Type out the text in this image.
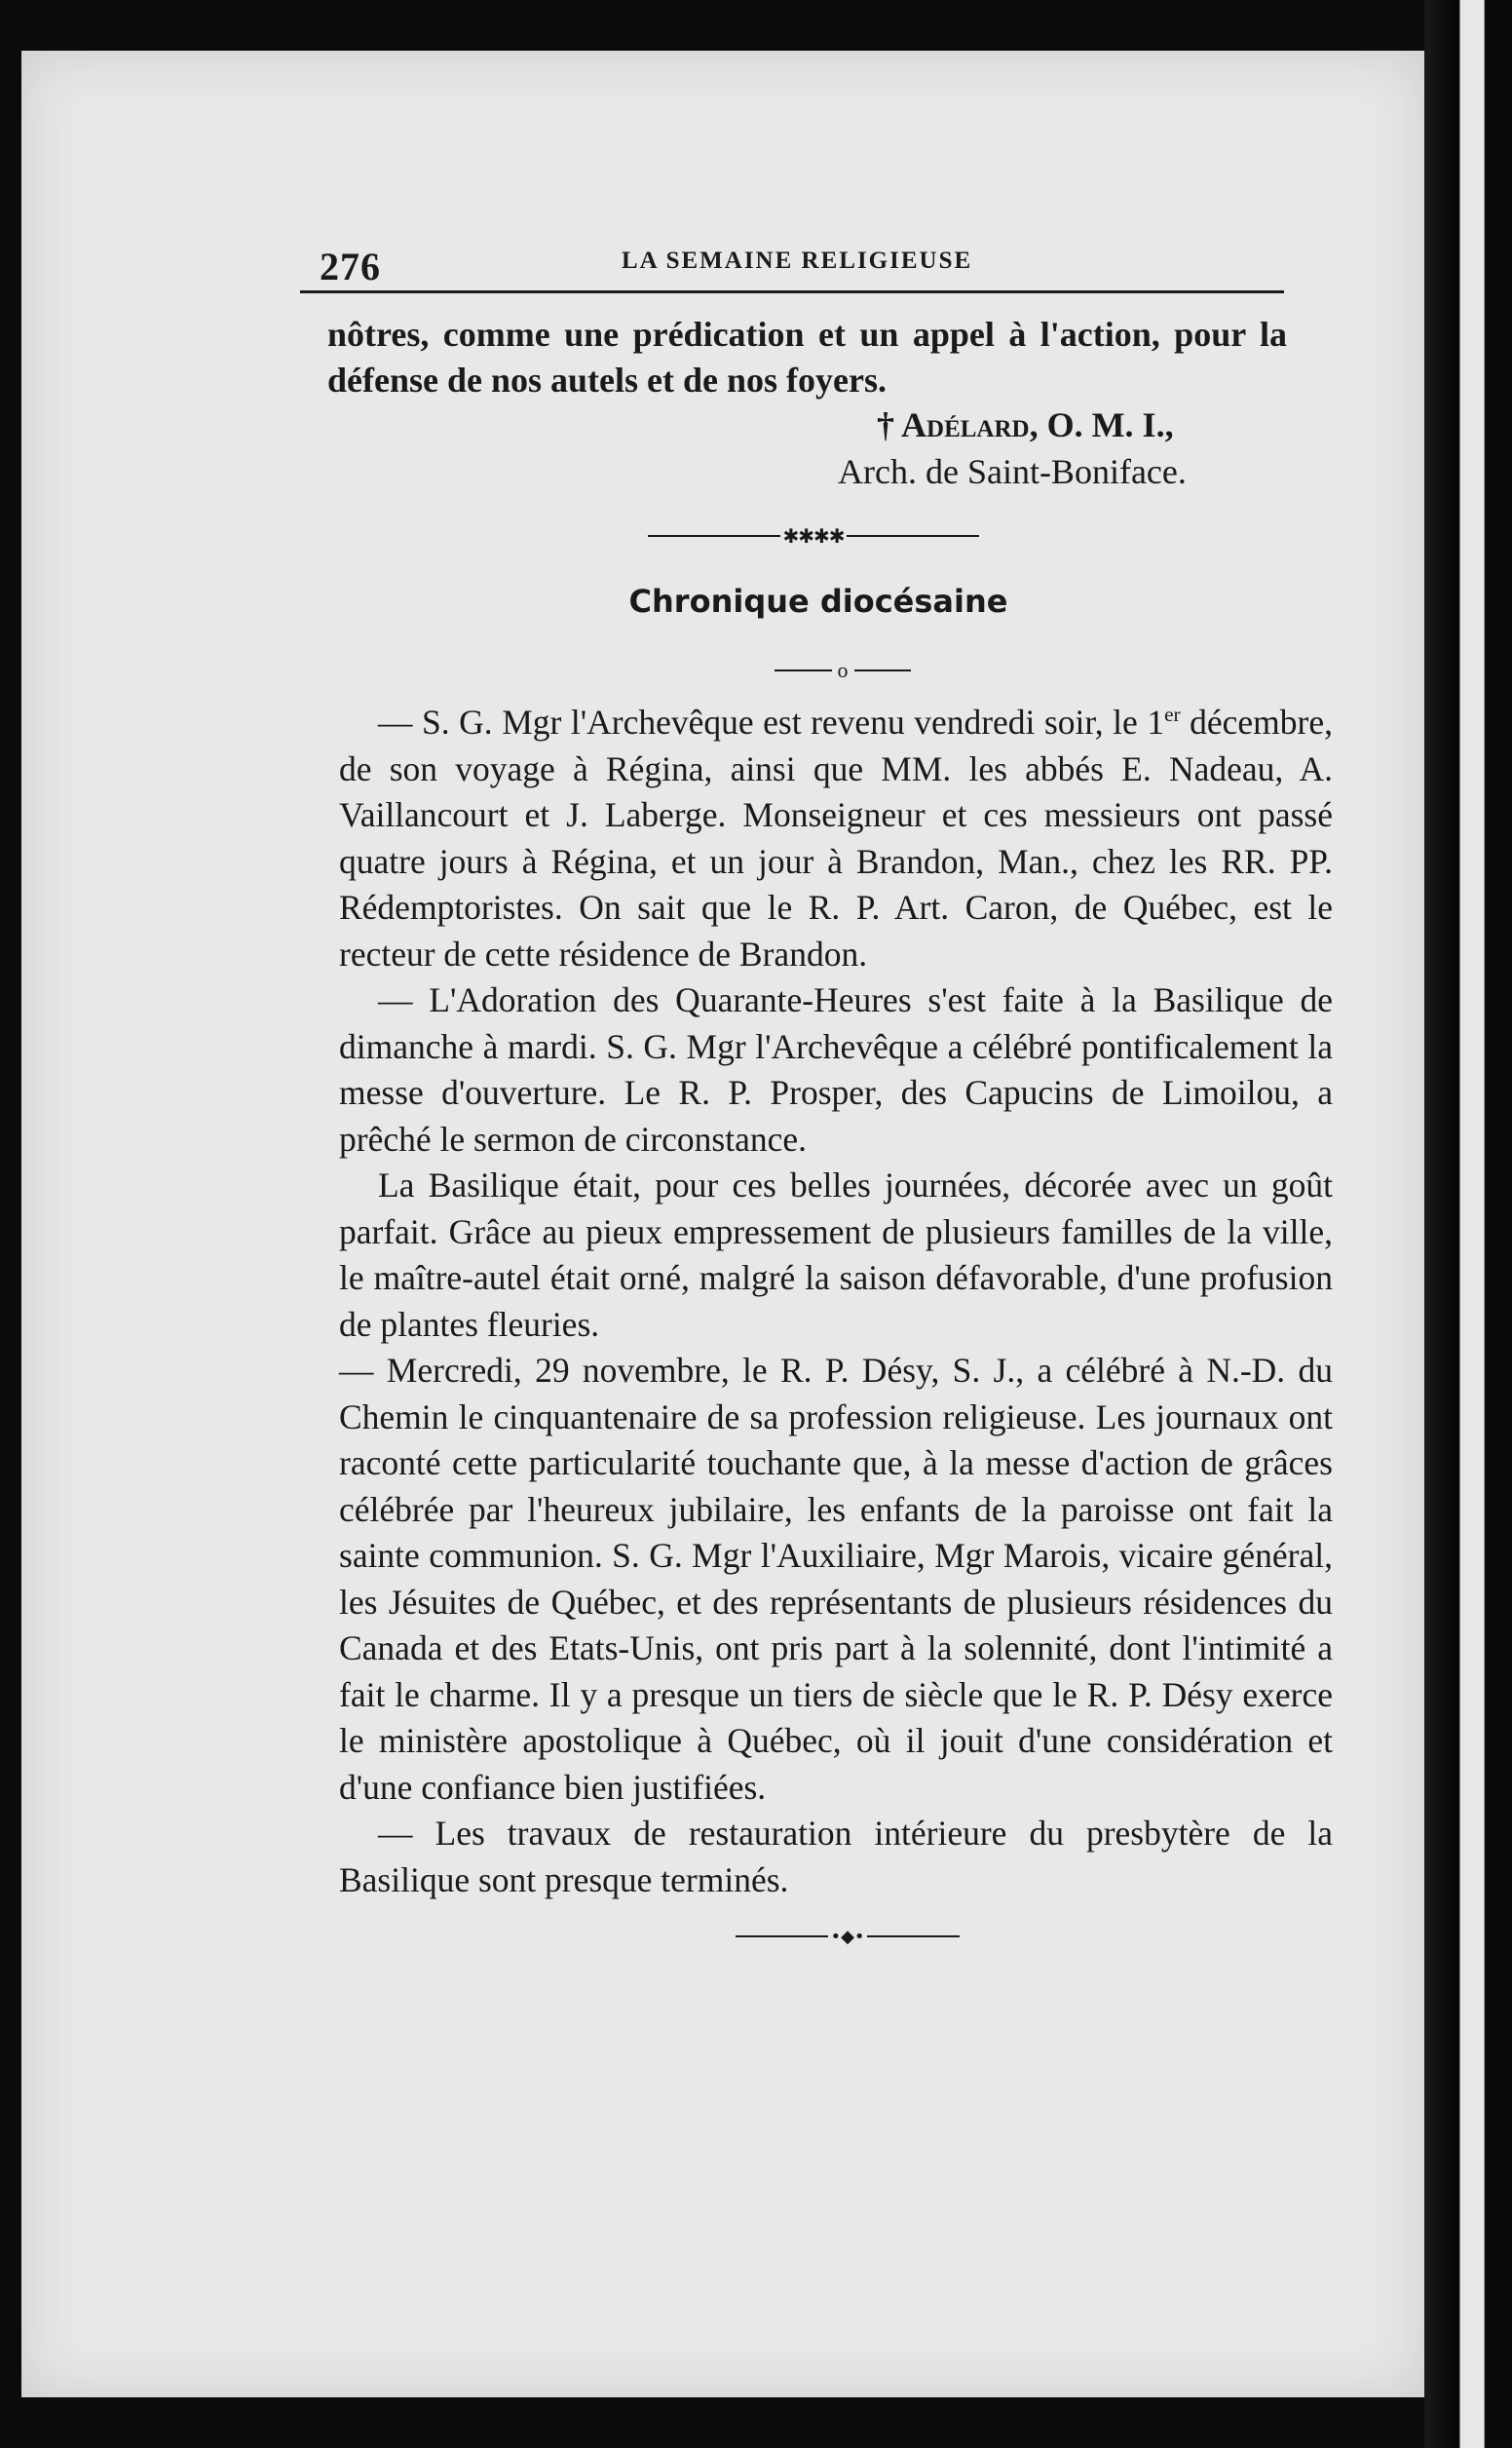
276	LA SEMAINE RELIGIEUSE

nôtres, comme une prédication et un appel à l'action, pour la défense de nos autels et de nos foyers.

† Adélard, O. M. I.,
Arch. de Saint-Boniface.
✱✱✱✱
Chronique diocésaine
o

— S. G. Mgr l'Archevêque est revenu vendredi soir, le 1er décembre, de son voyage à Régina, ainsi que MM. les abbés E. Nadeau, A. Vaillancourt et J. Laberge. Monseigneur et ces messieurs ont passé quatre jours à Régina, et un jour à Brandon, Man., chez les RR. PP. Rédemptoristes. On sait que le R. P. Art. Caron, de Québec, est le recteur de cette résidence de Brandon.

— L'Adoration des Quarante-Heures s'est faite à la Basilique de dimanche à mardi. S. G. Mgr l'Archevêque a célébré pontificalement la messe d'ouverture. Le R. P. Prosper, des Capucins de Limoilou, a prêché le sermon de circonstance.

La Basilique était, pour ces belles journées, décorée avec un goût parfait. Grâce au pieux empressement de plusieurs familles de la ville, le maître-autel était orné, malgré la saison défavorable, d'une profusion de plantes fleuries.

— Mercredi, 29 novembre, le R. P. Désy, S. J., a célébré à N.-D. du Chemin le cinquantenaire de sa profession religieuse. Les journaux ont raconté cette particularité touchante que, à la messe d'action de grâces célébrée par l'heureux jubilaire, les enfants de la paroisse ont fait la sainte communion. S. G. Mgr l'Auxiliaire, Mgr Marois, vicaire général, les Jésuites de Québec, et des représentants de plusieurs résidences du Canada et des Etats-Unis, ont pris part à la solennité, dont l'intimité a fait le charme. Il y a presque un tiers de siècle que le R. P. Désy exerce le ministère apostolique à Québec, où il jouit d'une considération et d'une confiance bien justifiées.

— Les travaux de restauration intérieure du presbytère de la Basilique sont presque terminés.

•◆•
